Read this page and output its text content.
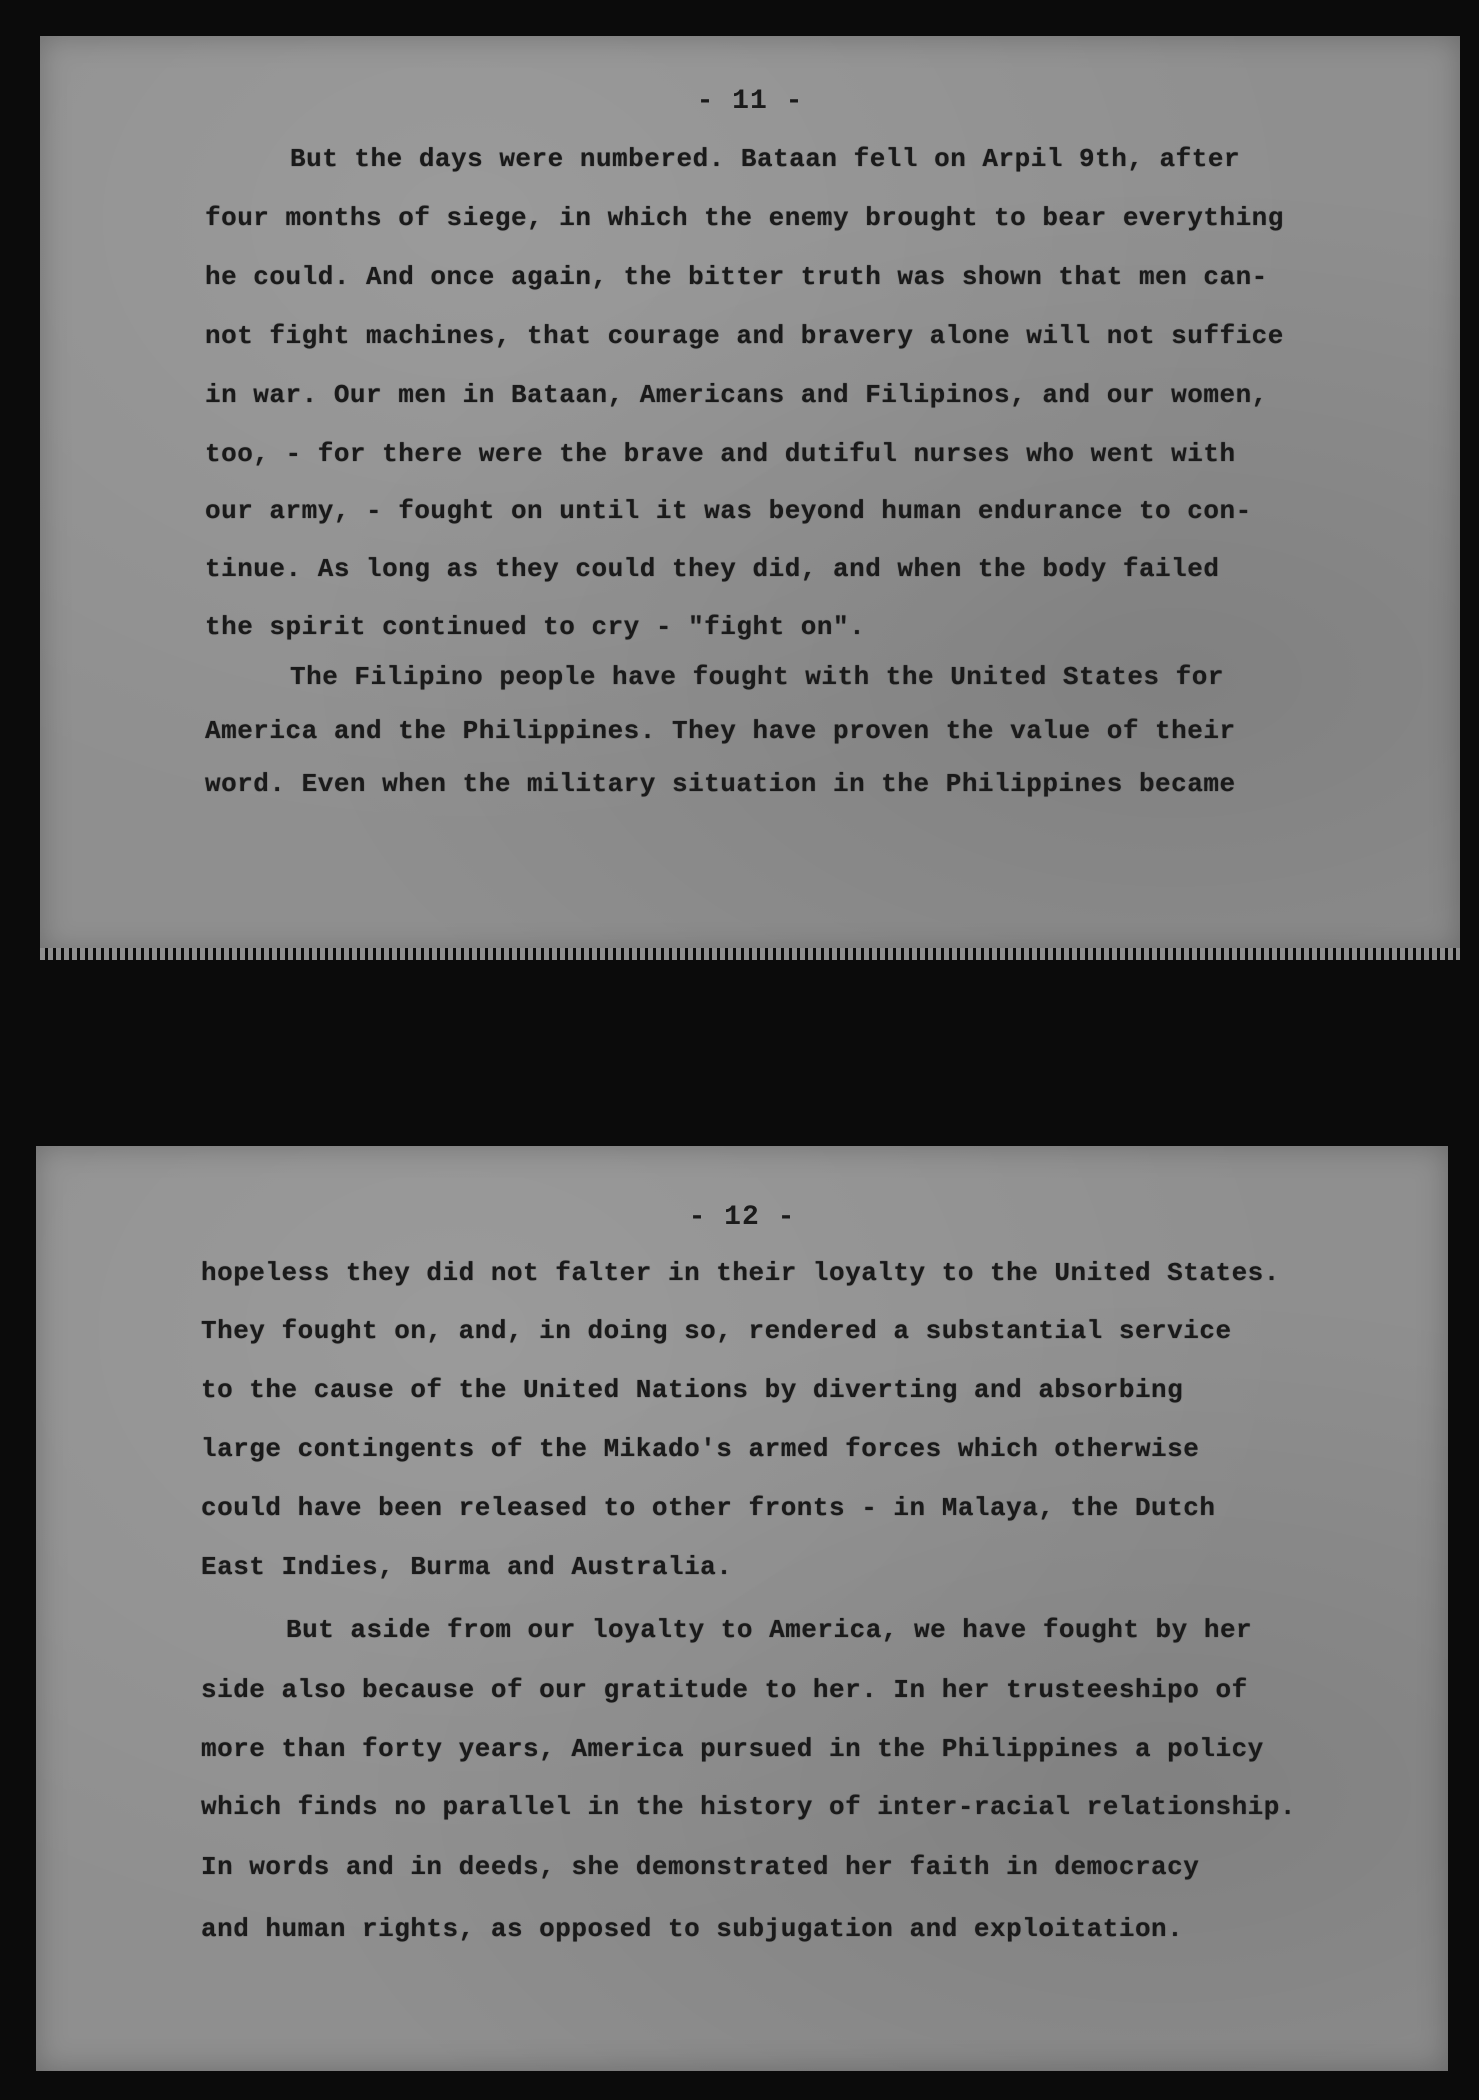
- 11 -
But the days were numbered. Bataan fell on Arpil 9th, after
four months of siege, in which the enemy brought to bear everything
he could. And once again, the bitter truth was shown that men can-
not fight machines, that courage and bravery alone will not suffice
in war. Our men in Bataan, Americans and Filipinos, and our women,
too, - for there were the brave and dutiful nurses who went with
our army, - fought on until it was beyond human endurance to con-
tinue. As long as they could they did, and when the body failed
the spirit continued to cry - "fight on".
The Filipino people have fought with the United States for
America and the Philippines. They have proven the value of their
word. Even when the military situation in the Philippines became
- 12 -
hopeless they did not falter in their loyalty to the United States.
They fought on, and, in doing so, rendered a substantial service
to the cause of the United Nations by diverting and absorbing
large contingents of the Mikado's armed forces which otherwise
could have been released to other fronts - in Malaya, the Dutch
East Indies, Burma and Australia.
But aside from our loyalty to America, we have fought by her
side also because of our gratitude to her. In her trusteeshipo of
more than forty years, America pursued in the Philippines a policy
which finds no parallel in the history of inter-racial relationship.
In words and in deeds, she demonstrated her faith in democracy
and human rights, as opposed to subjugation and exploitation.
